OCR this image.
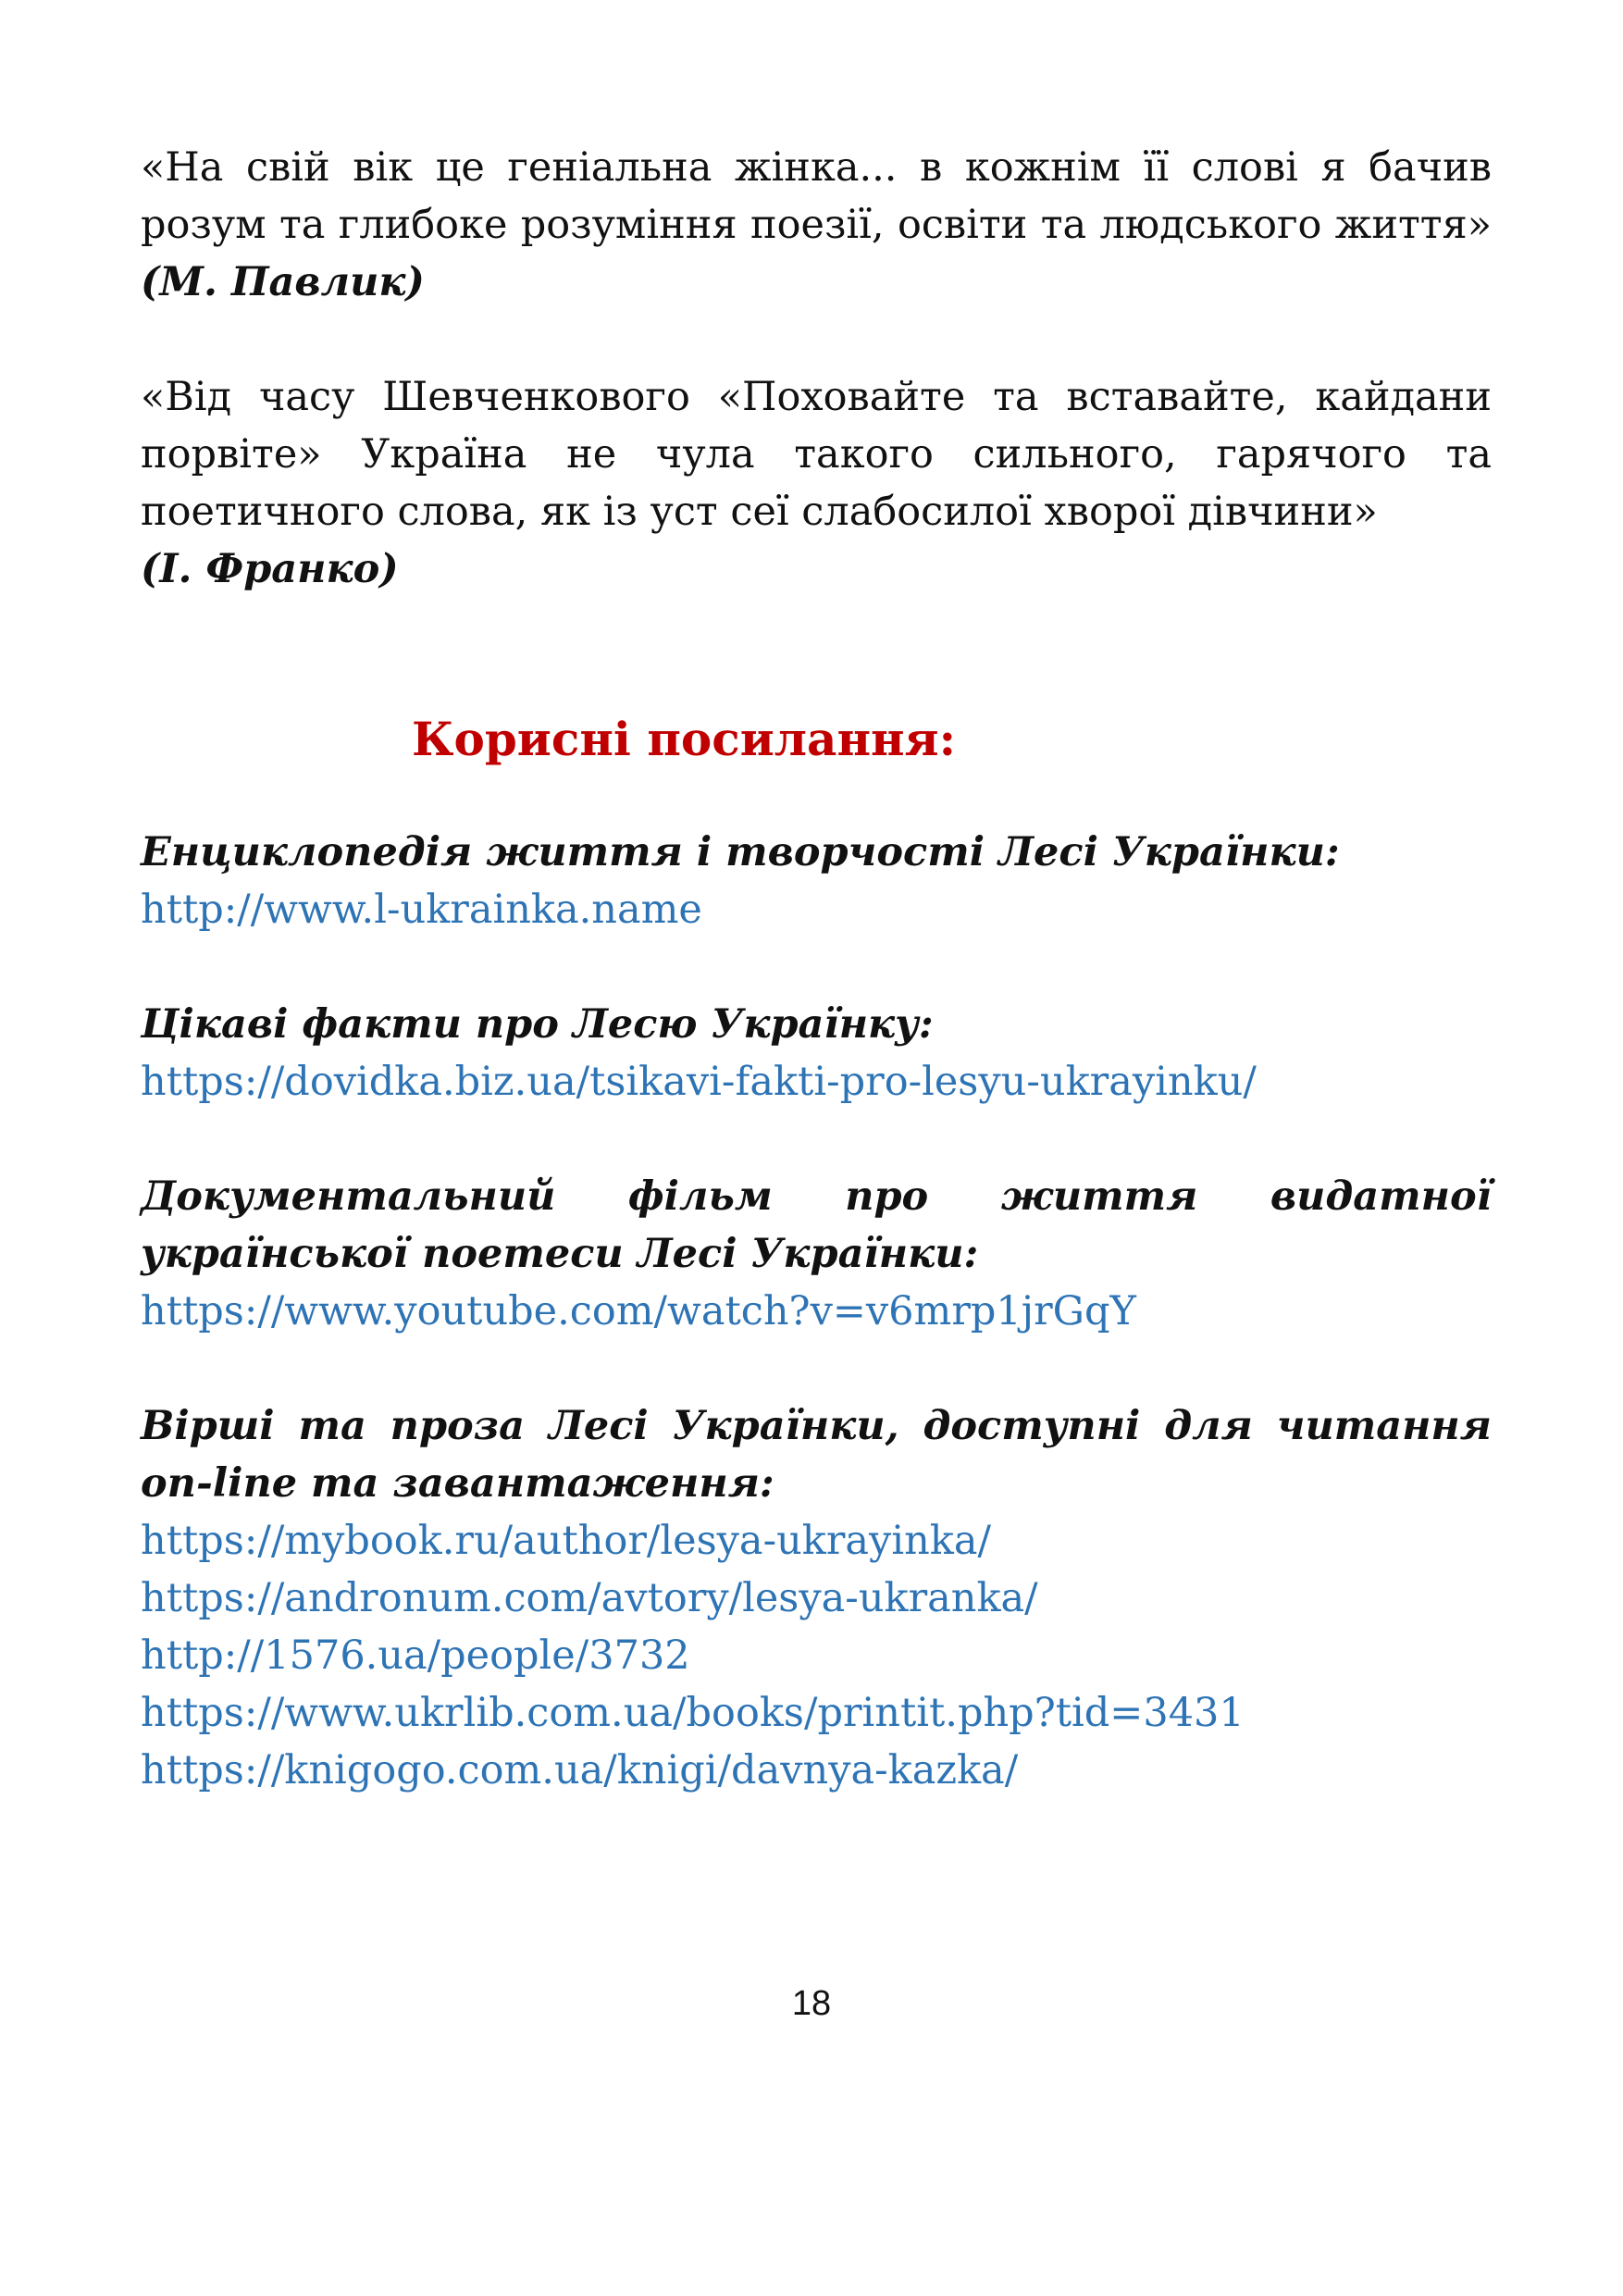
«На свій вік це геніальна жінка... в кожнім її слові я бачив розум та глибоке розуміння поезії, освіти та людського життя» (М. Павлик)

«Від часу Шевченкового «Поховайте та вставайте, кайдани порвіте» Україна не чула такого сильного, гарячого та поетичного слова, як із уст сеї слабосилої хворої дівчини»

(І. Франко)

Корисні посилання:

Енциклопедія життя і творчості Лесі Українки:

http://www.l-ukrainka.name

Цікаві факти про Лесю Українку:

https://dovidka.biz.ua/tsikavi-fakti-pro-lesyu-ukrayinku/

Документальний фільм про життя видатної української поетеси Лесі Українки:

https://www.youtube.com/watch?v=v6mrp1jrGqY

Вірші та проза Лесі Українки, доступні для читання on-line та завантаження:

https://mybook.ru/author/lesya-ukrayinka/
https://andronum.com/avtory/lesya-ukranka/
http://1576.ua/people/3732
https://www.ukrlib.com.ua/books/printit.php?tid=3431
https://knigogo.com.ua/knigi/davnya-kazka/
18
